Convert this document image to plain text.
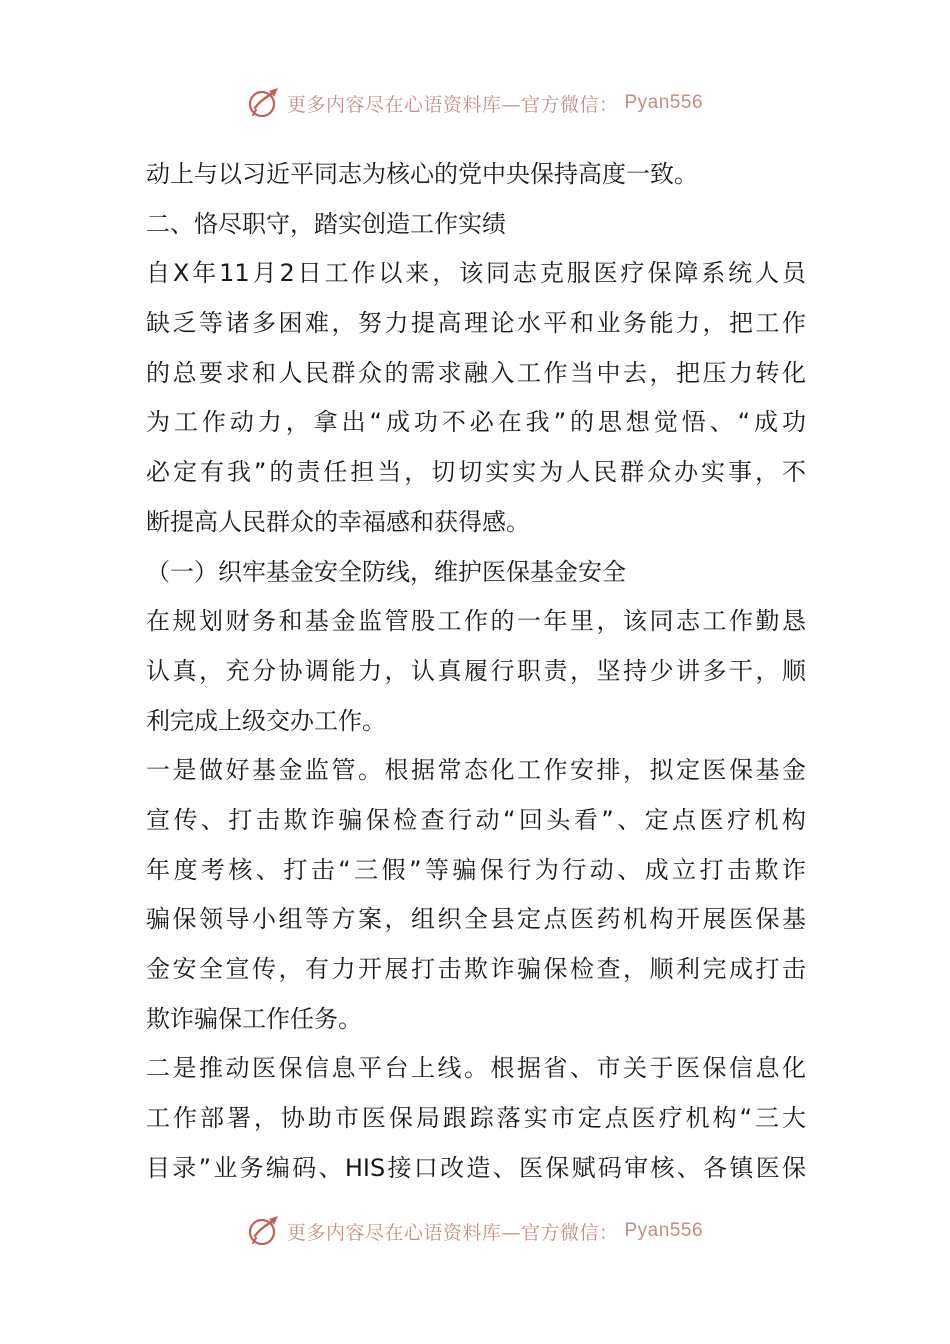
更多内容尽在心语资料库—官方微信： Pyan556
动上与以习近平同志为核心的党中央保持高度一致。
二、恪尽职守，踏实创造工作实绩
自X年11月2日工作以来，该同志克服医疗保障系统人员
缺乏等诸多困难，努力提高理论水平和业务能力，把工作
的总要求和人民群众的需求融入工作当中去，把压力转化
为工作动力，拿出“成功不必在我”的思想觉悟、“成功
必定有我”的责任担当，切切实实为人民群众办实事，不
断提高人民群众的幸福感和获得感。
（一）织牢基金安全防线，维护医保基金安全
在规划财务和基金监管股工作的一年里，该同志工作勤恳
认真，充分协调能力，认真履行职责，坚持少讲多干，顺
利完成上级交办工作。
一是做好基金监管。根据常态化工作安排，拟定医保基金
宣传、打击欺诈骗保检查行动“回头看”、定点医疗机构
年度考核、打击“三假”等骗保行为行动、成立打击欺诈
骗保领导小组等方案，组织全县定点医药机构开展医保基
金安全宣传，有力开展打击欺诈骗保检查，顺利完成打击
欺诈骗保工作任务。
二是推动医保信息平台上线。根据省、市关于医保信息化
工作部署，协助市医保局跟踪落实市定点医疗机构“三大
目录”业务编码、HIS接口改造、医保赋码审核、各镇医保
更多内容尽在心语资料库—官方微信： Pyan556
